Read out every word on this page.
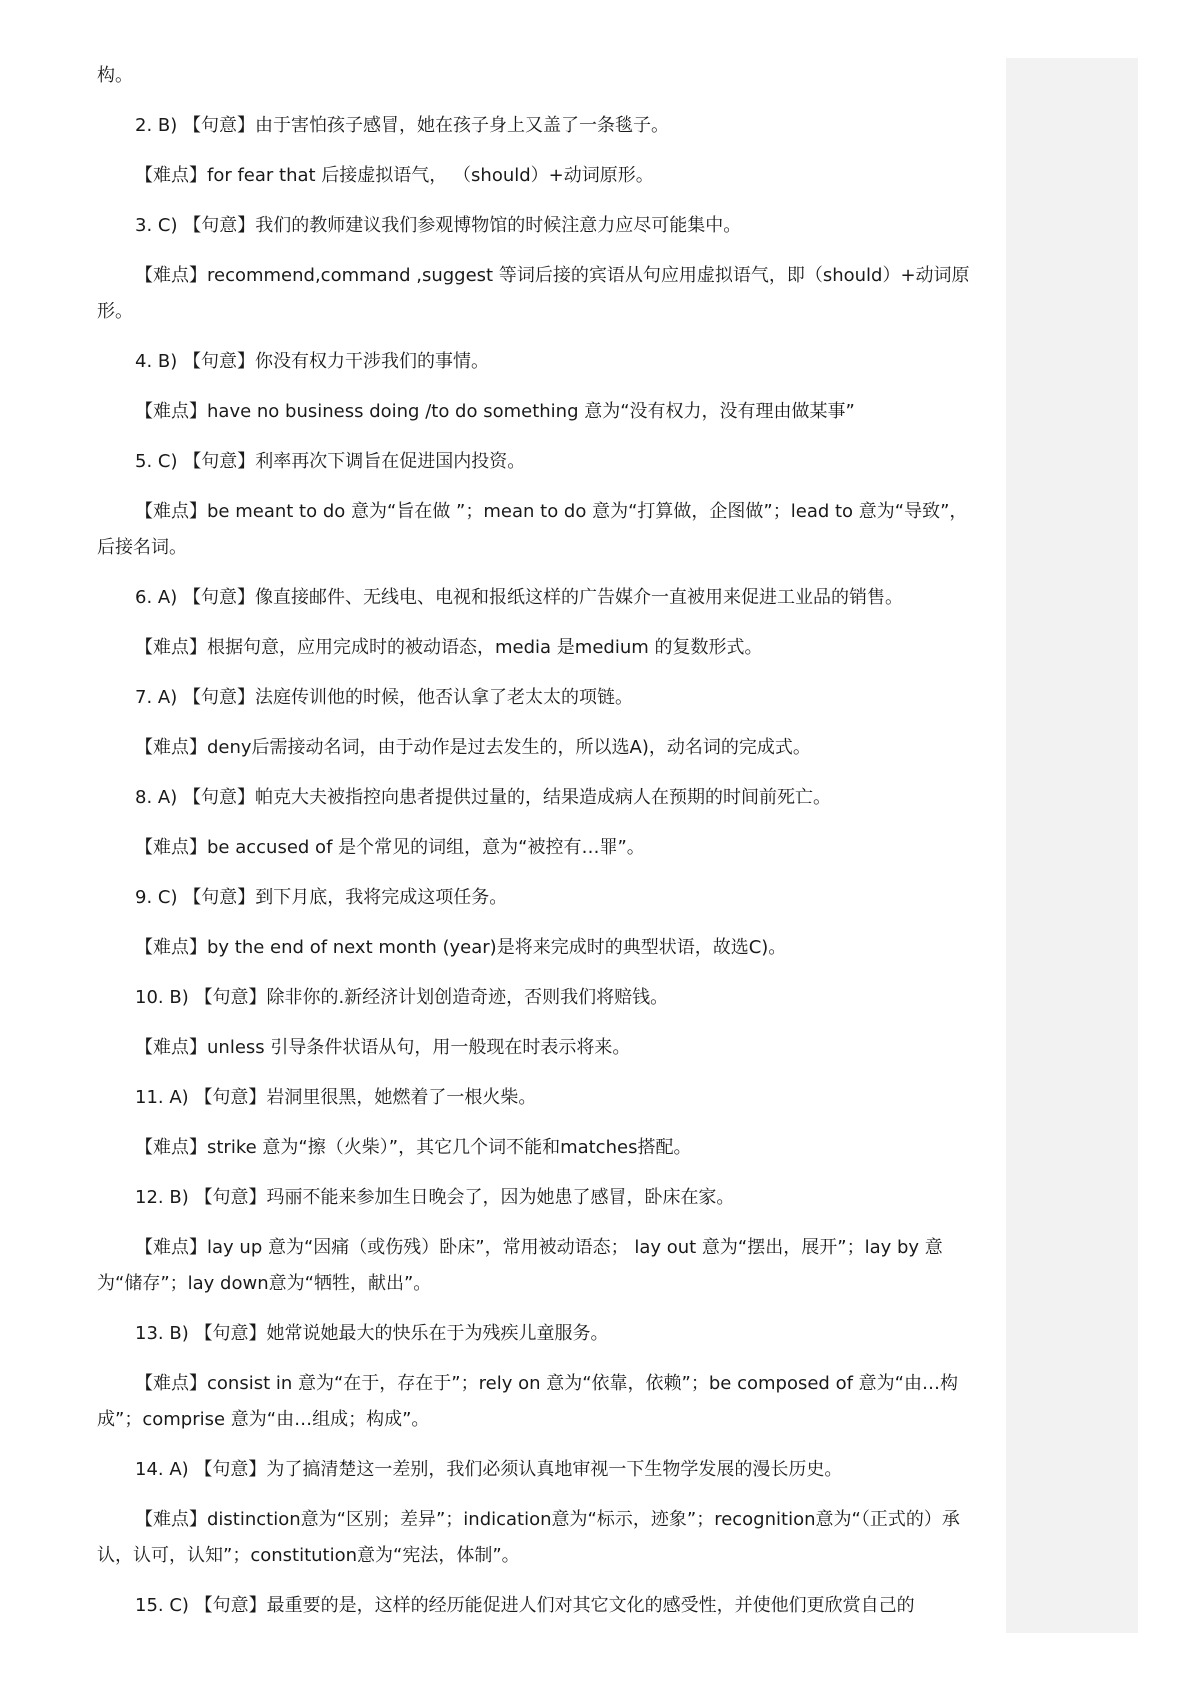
构。

2. B) 【句意】由于害怕孩子感冒，她在孩子身上又盖了一条毯子。

【难点】for fear that 后接虚拟语气， （should）+动词原形。

3. C) 【句意】我们的教师建议我们参观博物馆的时候注意力应尽可能集中。

【难点】recommend,command ,suggest 等词后接的宾语从句应用虚拟语气，即（should）+动词原形。

4. B) 【句意】你没有权力干涉我们的事情。

【难点】have no business doing /to do something 意为“没有权力，没有理由做某事”

5. C) 【句意】利率再次下调旨在促进国内投资。

【难点】be meant to do 意为“旨在做 ”；mean to do 意为“打算做，企图做”；lead to 意为“导致”，后接名词。

6. A) 【句意】像直接邮件、无线电、电视和报纸这样的广告媒介一直被用来促进工业品的销售。

【难点】根据句意，应用完成时的被动语态，media 是medium 的复数形式。

7. A) 【句意】法庭传训他的时候，他否认拿了老太太的项链。

【难点】deny后需接动名词，由于动作是过去发生的，所以选A)，动名词的完成式。

8. A) 【句意】帕克大夫被指控向患者提供过量的，结果造成病人在预期的时间前死亡。

【难点】be accused of 是个常见的词组，意为“被控有…罪”。

9. C) 【句意】到下月底，我将完成这项任务。

【难点】by the end of next month (year)是将来完成时的典型状语，故选C)。

10. B) 【句意】除非你的.新经济计划创造奇迹，否则我们将赔钱。

【难点】unless 引导条件状语从句，用一般现在时表示将来。

11. A) 【句意】岩洞里很黑，她燃着了一根火柴。

【难点】strike 意为“擦（火柴）”，其它几个词不能和matches搭配。

12. B) 【句意】玛丽不能来参加生日晚会了，因为她患了感冒，卧床在家。

【难点】lay up 意为“因痛（或伤残）卧床”，常用被动语态； lay out 意为“摆出，展开”；lay by 意为“储存”；lay down意为“牺牲，献出”。

13. B) 【句意】她常说她最大的快乐在于为残疾儿童服务。

【难点】consist in 意为“在于，存在于”；rely on 意为“依靠，依赖”；be composed of 意为“由…构成”；comprise 意为“由…组成；构成”。

14. A) 【句意】为了搞清楚这一差别，我们必须认真地审视一下生物学发展的漫长历史。

【难点】distinction意为“区别；差异”；indication意为“标示，迹象”；recognition意为“（正式的）承认，认可，认知”；constitution意为“宪法，体制”。

15. C) 【句意】最重要的是，这样的经历能促进人们对其它文化的感受性，并使他们更欣赏自己的
